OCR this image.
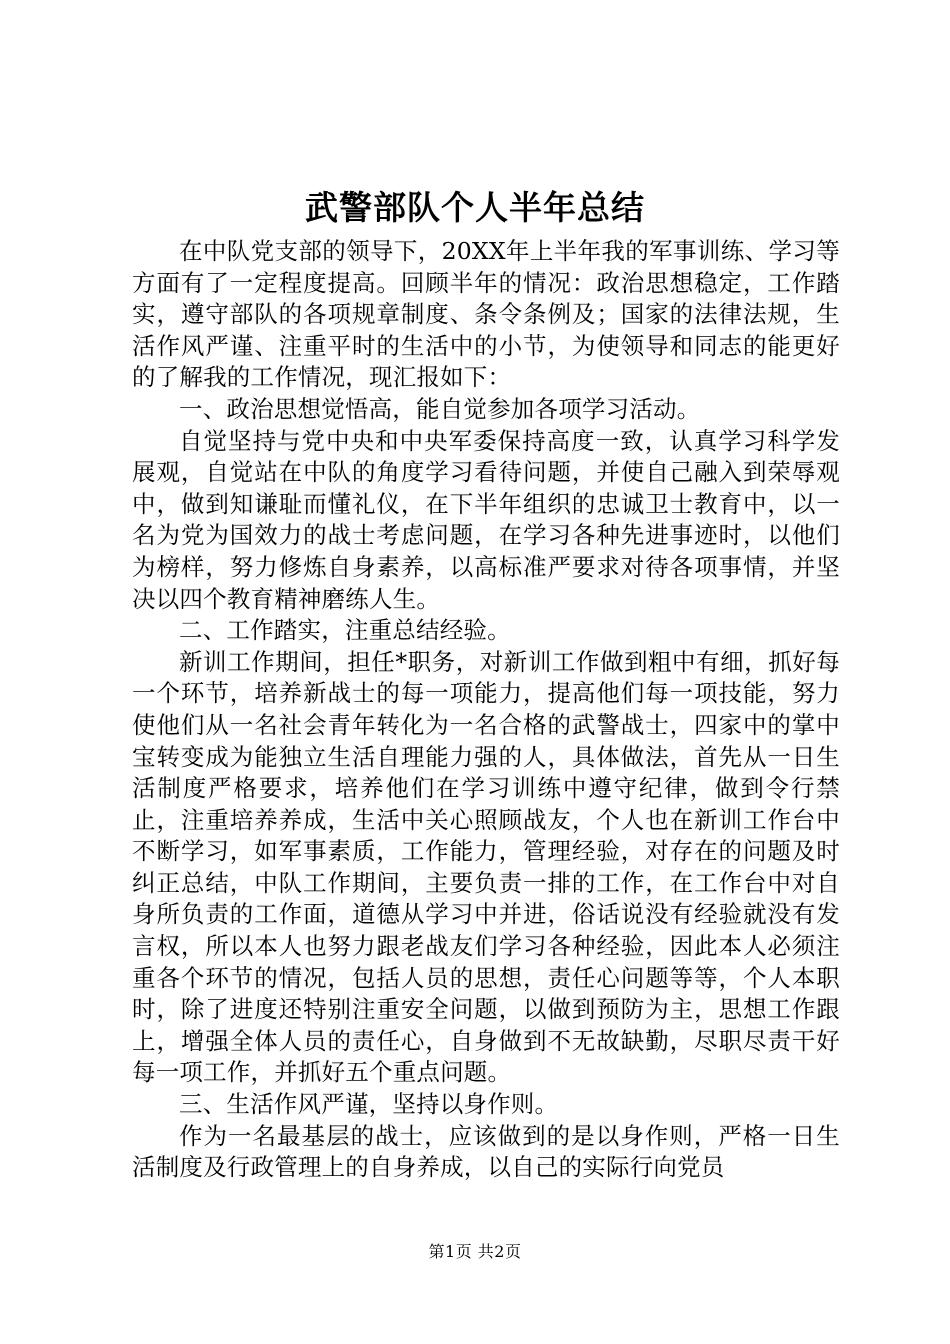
武警部队个人半年总结

在中队党支部的领导下，20XX年上半年我的军事训练、学习等方面有了一定程度提高。回顾半年的情况：政治思想稳定，工作踏实，遵守部队的各项规章制度、条令条例及；国家的法律法规，生活作风严谨、注重平时的生活中的小节，为使领导和同志的能更好的了解我的工作情况，现汇报如下：

一、政治思想觉悟高，能自觉参加各项学习活动。

自觉坚持与党中央和中央军委保持高度一致，认真学习科学发展观，自觉站在中队的角度学习看待问题，并使自己融入到荣辱观中，做到知谦耻而懂礼仪，在下半年组织的忠诚卫士教育中，以一名为党为国效力的战士考虑问题，在学习各种先进事迹时，以他们为榜样，努力修炼自身素养，以高标准严要求对待各项事情，并坚决以四个教育精神磨练人生。

二、工作踏实，注重总结经验。

新训工作期间，担任*职务，对新训工作做到粗中有细，抓好每一个环节，培养新战士的每一项能力，提高他们每一项技能，努力使他们从一名社会青年转化为一名合格的武警战士，四家中的掌中宝转变成为能独立生活自理能力强的人，具体做法，首先从一日生活制度严格要求，培养他们在学习训练中遵守纪律，做到令行禁止，注重培养养成，生活中关心照顾战友，个人也在新训工作台中不断学习，如军事素质，工作能力，管理经验，对存在的问题及时纠正总结，中队工作期间，主要负责一排的工作，在工作台中对自身所负责的工作面，道德从学习中并进，俗话说没有经验就没有发言权，所以本人也努力跟老战友们学习各种经验，因此本人必须注重各个环节的情况，包括人员的思想，责任心问题等等，个人本职时，除了进度还特别注重安全问题，以做到预防为主，思想工作跟上，增强全体人员的责任心，自身做到不无故缺勤，尽职尽责干好每一项工作，并抓好五个重点问题。

三、生活作风严谨，坚持以身作则。

作为一名最基层的战士，应该做到的是以身作则，严格一日生活制度及行政管理上的自身养成，以自己的实际行向党员

第1页 共2页
